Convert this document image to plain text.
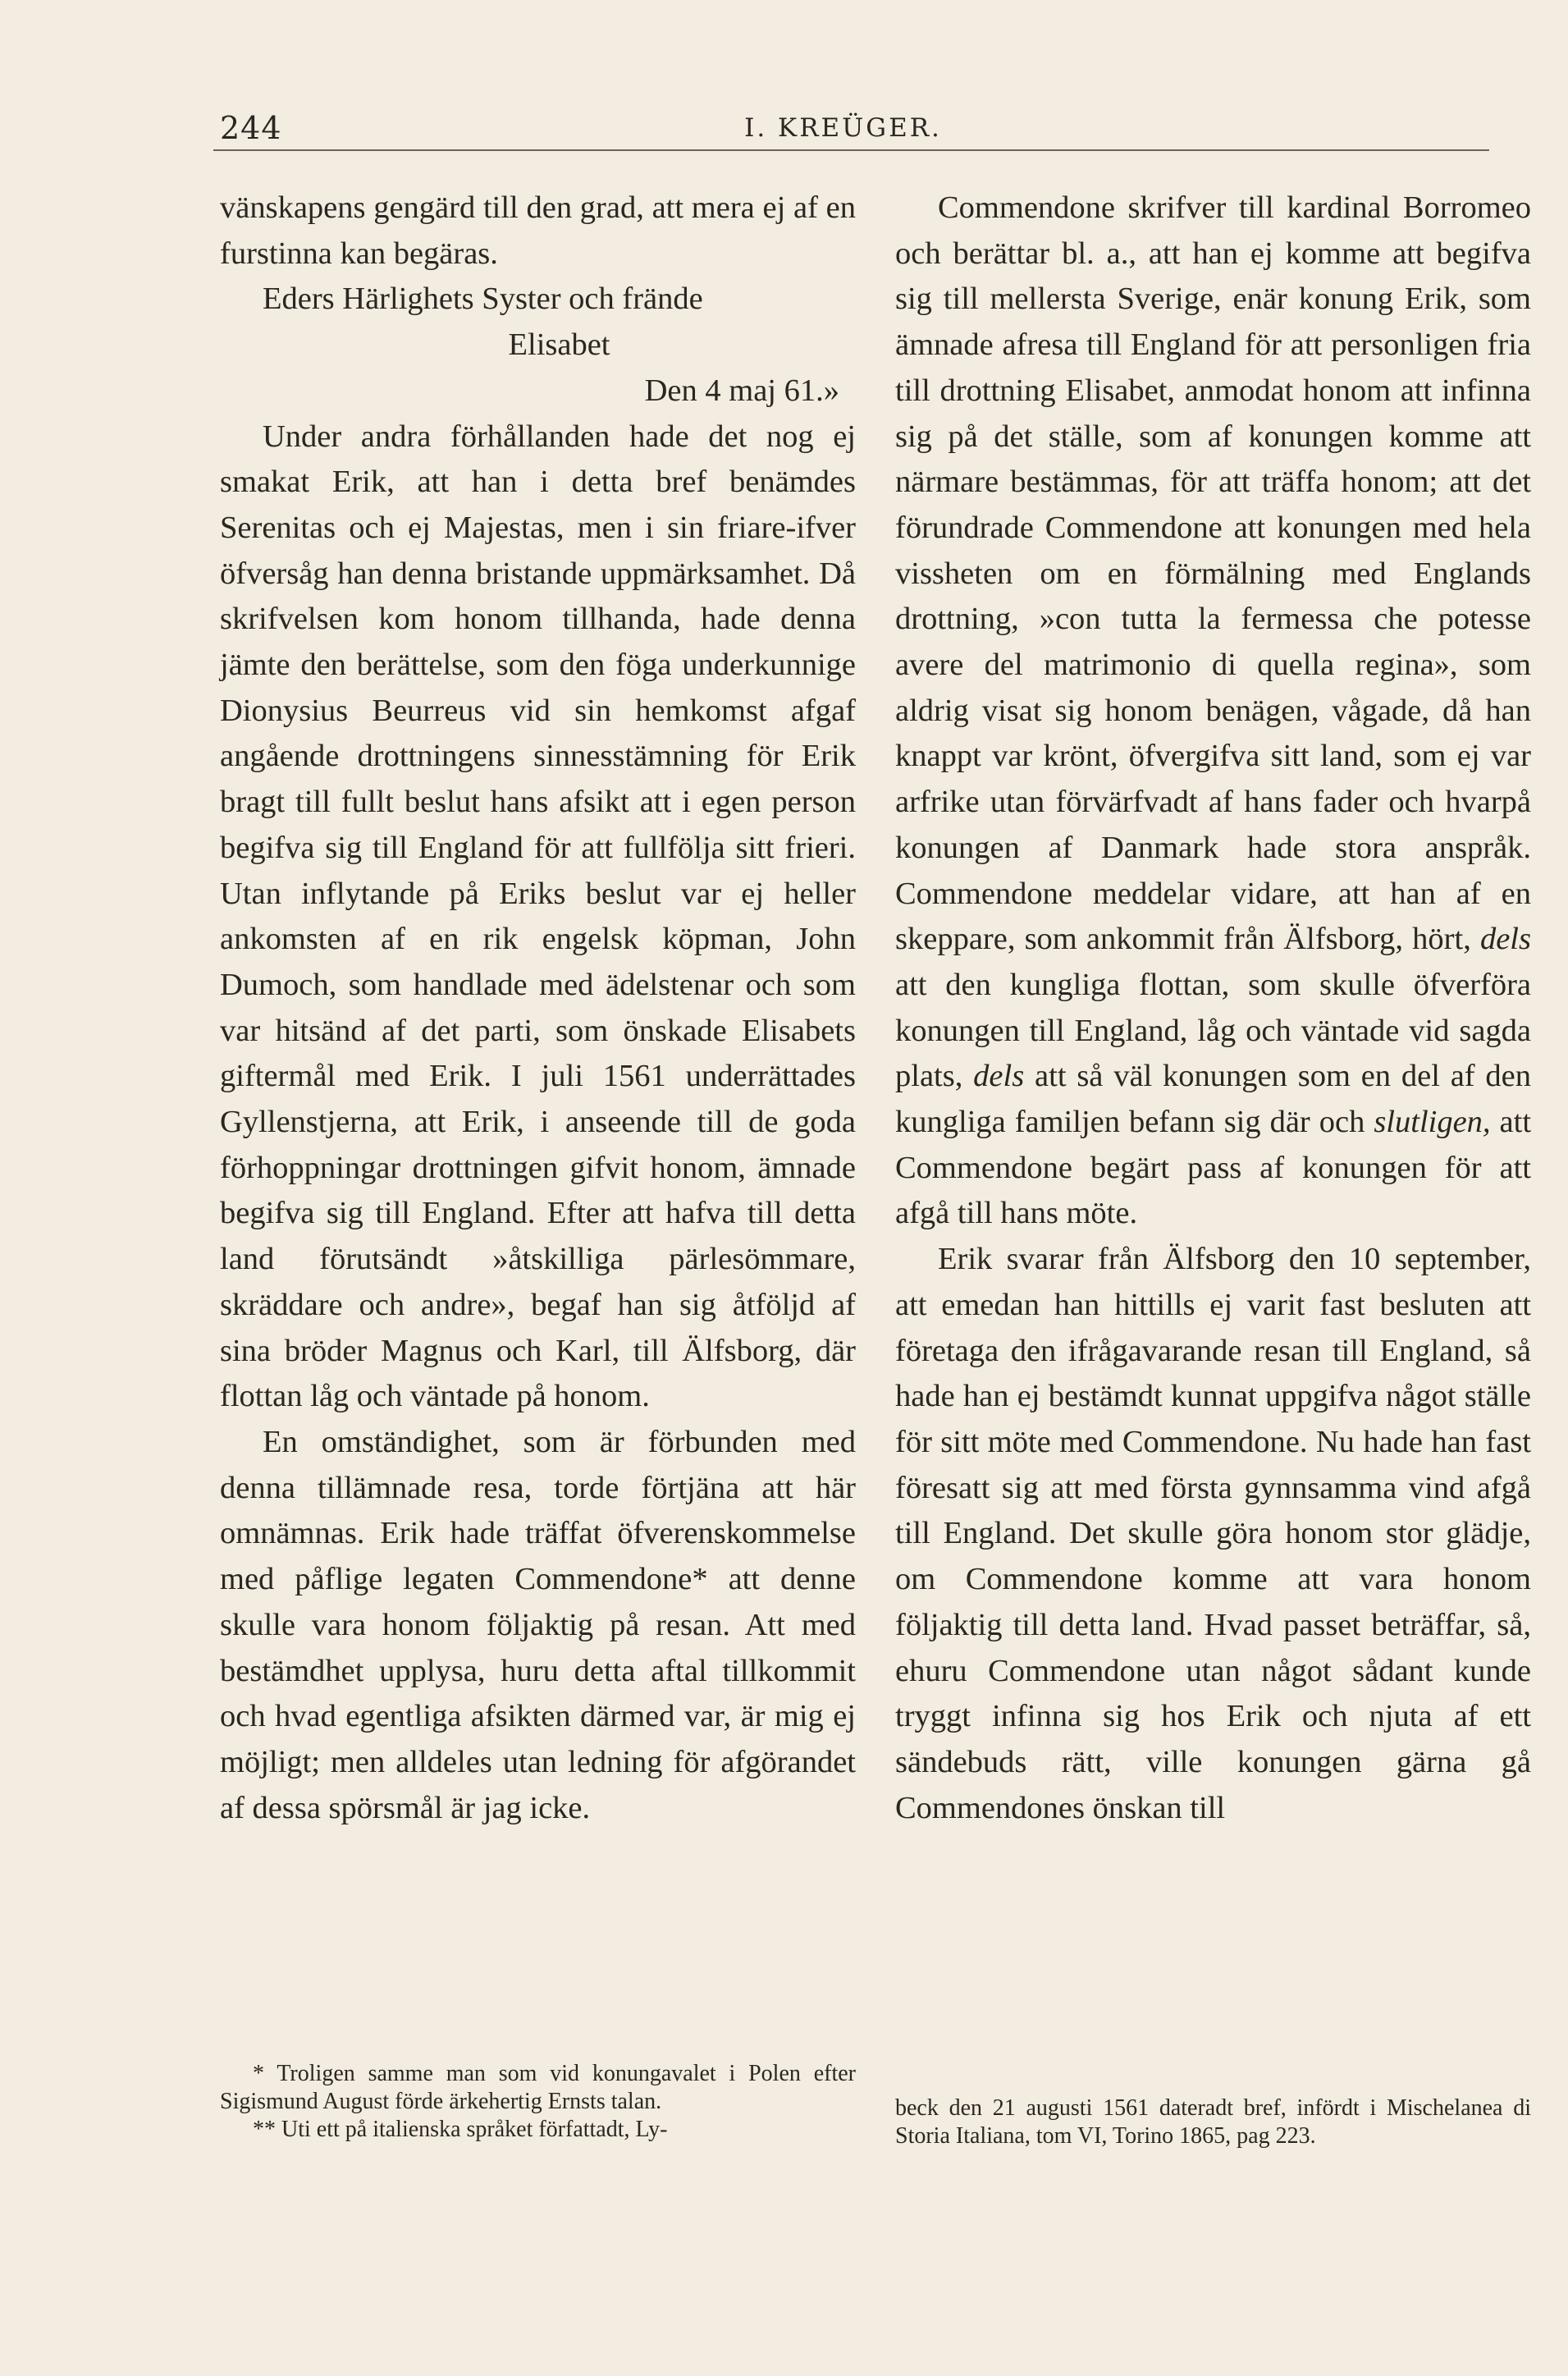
244	I. KREÜGER.

vänskapens gengärd till den grad, att mera ej af en furstinna kan begäras.

Eders Härlighets Syster och frände

Elisabet

Den 4 maj 61.»

Under andra förhållanden hade det nog ej smakat Erik, att han i detta bref benämdes Serenitas och ej Majestas, men i sin friare-ifver öfversåg han denna bristande uppmärksamhet. Då skrifvelsen kom honom tillhanda, hade denna jämte den berättelse, som den föga underkunnige Dionysius Beurreus vid sin hemkomst afgaf angående drottningens sinnesstämning för Erik bragt till fullt beslut hans afsikt att i egen person begifva sig till England för att fullfölja sitt frieri. Utan inflytande på Eriks beslut var ej heller ankomsten af en rik engelsk köpman, John Dumoch, som handlade med ädelstenar och som var hitsänd af det parti, som önskade Elisabets giftermål med Erik. I juli 1561 underrättades Gyllenstjerna, att Erik, i anseende till de goda förhoppningar drottningen gifvit honom, ämnade begifva sig till England. Efter att hafva till detta land förutsändt »åtskilliga pärlesömmare, skräddare och andre», begaf han sig åtföljd af sina bröder Magnus och Karl, till Älfsborg, där flottan låg och väntade på honom.

En omständighet, som är förbunden med denna tillämnade resa, torde förtjäna att här omnämnas. Erik hade träffat öfverenskommelse med påflige legaten Commendone* att denne skulle vara honom följaktig på resan. Att med bestämdhet upplysa, huru detta aftal tillkommit och hvad egentliga afsikten därmed var, är mig ej möjligt; men alldeles utan ledning för afgörandet af dessa spörsmål är jag icke.

Commendone skrifver till kardinal Borromeo och berättar bl. a., att han ej komme att begifva sig till mellersta Sverige, enär konung Erik, som ämnade afresa till England för att personligen fria till drottning Elisabet, anmodat honom att infinna sig på det ställe, som af konungen komme att närmare bestämmas, för att träffa honom; att det förundrade Commendone att konungen med hela vissheten om en förmälning med Englands drottning, »con tutta la fermessa che potesse avere del matrimonio di quella regina», som aldrig visat sig honom benägen, vågade, då han knappt var krönt, öfvergifva sitt land, som ej var arfrike utan förvärfvadt af hans fader och hvarpå konungen af Danmark hade stora anspråk. Commendone meddelar vidare, att han af en skeppare, som ankommit från Älfsborg, hört, dels att den kungliga flottan, som skulle öfverföra konungen till England, låg och väntade vid sagda plats, dels att så väl konungen som en del af den kungliga familjen befann sig där och slutligen, att Commendone begärt pass af konungen för att afgå till hans möte.

Erik svarar från Älfsborg den 10 september, att emedan han hittills ej varit fast besluten att företaga den ifrågavarande resan till England, så hade han ej bestämdt kunnat uppgifva något ställe för sitt möte med Commendone. Nu hade han fast föresatt sig att med första gynnsamma vind afgå till England. Det skulle göra honom stor glädje, om Commendone komme att vara honom följaktig till detta land. Hvad passet beträffar, så, ehuru Commendone utan något sådant kunde tryggt infinna sig hos Erik och njuta af ett sändebuds rätt, ville konungen gärna gå Commendones önskan till

* Troligen samme man som vid konungavalet i Polen efter Sigismund August förde ärkehertig Ernsts talan.

** Uti ett på italienska språket författadt, Ly-

beck den 21 augusti 1561 dateradt bref, infördt i Mischelanea di Storia Italiana, tom VI, Torino 1865, pag 223.
